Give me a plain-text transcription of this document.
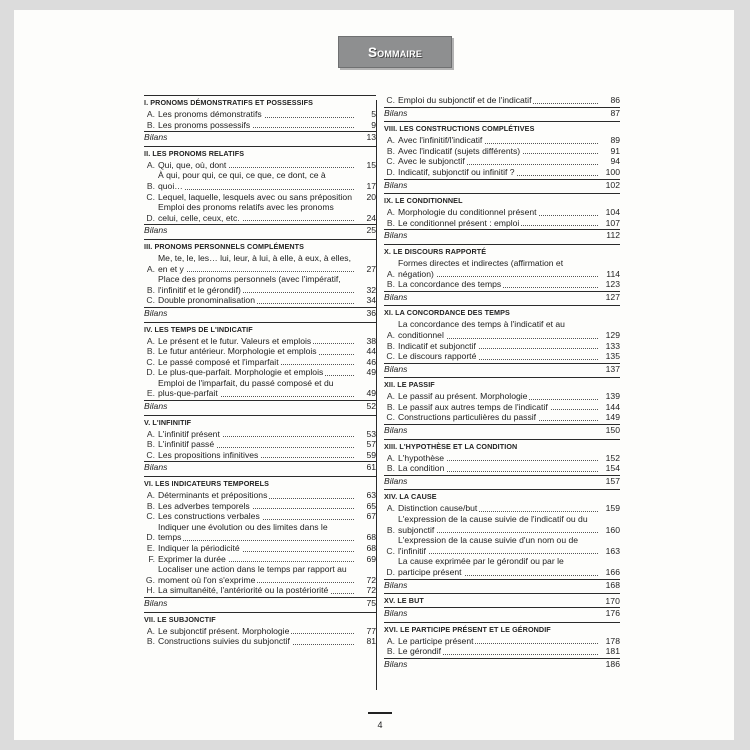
Sommaire
I. PRONOMS DÉMONSTRATIFS ET POSSESSIFS
A. Les pronoms démonstratifs	5
B. Les pronoms possessifs	9
Bilans	13
II. LES PRONOMS RELATIFS
A. Qui, que, où, dont	15
B.
À qui, pour qui, ce qui, ce que, ce dont, ce à quoi…	17
C. Lequel, laquelle, lesquels avec ou sans préposition	20
D.
Emploi des pronoms relatifs avec les pronoms celui, celle, ceux, etc.	24
Bilans	25
III. PRONOMS PERSONNELS COMPLÉMENTS
A.
Me, te, le, les… lui, leur, à lui, à elle, à eux, à elles, en et y	27
B.
Place des pronoms personnels (avec l'impératif, l'infinitif et le gérondif)	32
C. Double pronominalisation	34
Bilans	36
IV. LES TEMPS DE L'INDICATIF
A. Le présent et le futur. Valeurs et emplois	38
B. Le futur antérieur. Morphologie et emplois	44
C. Le passé composé et l'imparfait	46
D. Le plus-que-parfait. Morphologie et emplois	49
E.
Emploi de l'imparfait, du passé composé et du plus-que-parfait	49
Bilans	52
V. L'INFINITIF
A. L'infinitif présent	53
B. L'infinitif passé	57
C. Les propositions infinitives	59
Bilans	61
VI. LES INDICATEURS TEMPORELS
A. Déterminants et prépositions	63
B. Les adverbes temporels	65
C. Les constructions verbales	67
D.
Indiquer une évolution ou des limites dans le temps	68
E. Indiquer la périodicité	68
F. Exprimer la durée	69
G.
Localiser une action dans le temps par rapport au moment où l'on s'exprime	72
H. La simultanéité, l'antériorité ou la postériorité	72
Bilans	75
VII. LE SUBJONCTIF
A. Le subjonctif présent. Morphologie	77
B. Constructions suivies du subjonctif	81
C. Emploi du subjonctif et de l'indicatif	86
Bilans	87
VIII. LES CONSTRUCTIONS COMPLÉTIVES
A. Avec l'infinitif/l'indicatif	89
B. Avec l'indicatif (sujets différents)	91
C. Avec le subjonctif	94
D. Indicatif, subjonctif ou infinitif ?	100
Bilans	102
IX. LE CONDITIONNEL
A. Morphologie du conditionnel présent	104
B. Le conditionnel présent : emploi	107
Bilans	112
X. LE DISCOURS RAPPORTÉ
A.
Formes directes et indirectes (affirmation et négation)	114
B. La concordance des temps	123
Bilans	127
XI. LA CONCORDANCE DES TEMPS
A.
La concordance des temps à l'indicatif et au conditionnel	129
B. Indicatif et subjonctif	133
C. Le discours rapporté	135
Bilans	137
XII. LE PASSIF
A. Le passif au présent. Morphologie	139
B. Le passif aux autres temps de l'indicatif	144
C. Constructions particulières du passif	149
Bilans	150
XIII. L'HYPOTHÈSE ET LA CONDITION
A. L'hypothèse	152
B. La condition	154
Bilans	157
XIV. LA CAUSE
A. Distinction cause/but	159
B.
L'expression de la cause suivie de l'indicatif ou du subjonctif	160
C.
L'expression de la cause suivie d'un nom ou de l'infinitif	163
D.
La cause exprimée par le gérondif ou par le participe présent	166
Bilans	168
XV. LE BUT	170
Bilans	176
XVI. LE PARTICIPE PRÉSENT ET LE GÉRONDIF
A. Le participe présent	178
B. Le gérondif	181
Bilans	186
4
